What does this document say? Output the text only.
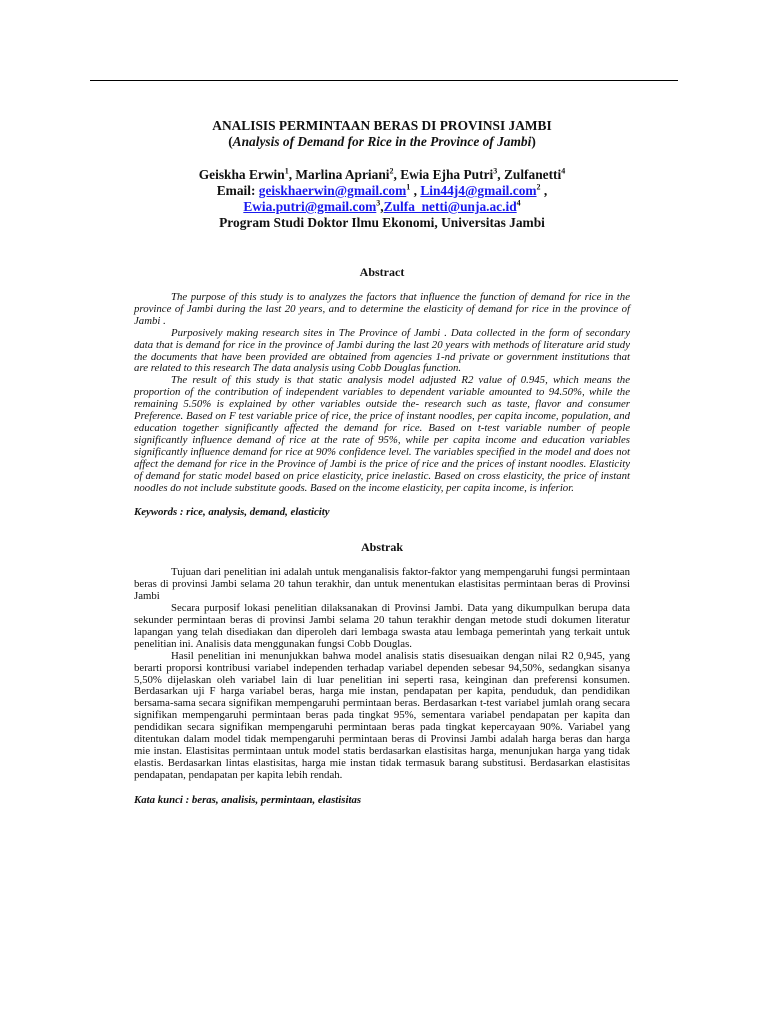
ANALISIS PERMINTAAN BERAS DI PROVINSI JAMBI
(Analysis of Demand for Rice in the Province of Jambi)
Geiskha Erwin$^1$, Marlina Apriani$^2$, Ewia Ejha Putri$^3$, Zulfanetti$^4$
Email: geiskhaerwin@gmail.com$^1$ , Lin44j4@gmail.com$^2$ ,
$Ewia.putri@gmail.com^3,Zulfa\_netti@unja.ac.id^4$
Program Studi Doktor Ilmu Ekonomi, Universitas Jambi
Abstract

The purpose of this study is to analyzes the factors that influence the function of demand for rice in the province of Jambi during the last 20 years, and to determine the elasticity of demand for rice in the province of Jambi .

Purposively making research sites in The Province of Jambi . Data collected in the form of secondary data that is demand for rice in the province of Jambi during the last 20 years with methods of literature arid study the documents that have been provided are obtained from agencies 1-nd private or government institutions that are related to this research The data analysis using Cobb Douglas function.

The result of this study is that static analysis model adjusted R2 value of 0.945, which means the proportion of the contribution of independent variables to dependent variable amounted to 94.50%, while the remaining 5.50% is explained by other variables outside the- research such as taste, flavor and consumer Preference. Based on F test variable price of rice, the price of instant noodles, per capita income, population, and education together significantly affected the demand for rice. Based on t-test variable number of people significantly influence demand of rice at the rate of 95%, while per capita income and education variables significantly influence demand for rice at 90% confidence level. The variables specified in the model and does not affect the demand for rice in the Province of Jambi is the price of rice and the prices of instant noodles. Elasticity of demand for static model based on price elasticity, price inelastic. Based on cross elasticity, the price of instant noodles do not include substitute goods. Based on the income elasticity, per capita income, is inferior.

Keywords : rice, analysis, demand, elasticity
Abstrak

Tujuan dari penelitian ini adalah untuk menganalisis faktor-faktor yang mempengaruhi fungsi permintaan beras di provinsi Jambi selama 20 tahun terakhir, dan untuk menentukan elastisitas permintaan beras di Provinsi Jambi

Secara purposif lokasi penelitian dilaksanakan di Provinsi Jambi. Data yang dikumpulkan berupa data sekunder permintaan beras di provinsi Jambi selama 20 tahun terakhir dengan metode studi dokumen literatur lapangan yang telah disediakan dan diperoleh dari lembaga swasta atau lembaga pemerintah yang terkait untuk penelitian ini. Analisis data menggunakan fungsi Cobb Douglas.

Hasil penelitian ini menunjukkan bahwa model analisis statis disesuaikan dengan nilai R2 0,945, yang berarti proporsi kontribusi variabel independen terhadap variabel dependen sebesar 94,50%, sedangkan sisanya 5,50% dijelaskan oleh variabel lain di luar penelitian ini seperti rasa, keinginan dan preferensi konsumen. Berdasarkan uji F harga variabel beras, harga mie instan, pendapatan per kapita, penduduk, dan pendidikan bersama-sama secara signifikan mempengaruhi permintaan beras. Berdasarkan t-test variabel jumlah orang secara signifikan mempengaruhi permintaan beras pada tingkat 95%, sementara variabel pendapatan per kapita dan pendidikan secara signifikan mempengaruhi permintaan beras pada tingkat kepercayaan 90%. Variabel yang ditentukan dalam model tidak mempengaruhi permintaan beras di Provinsi Jambi adalah harga beras dan harga mie instan. Elastisitas permintaan untuk model statis berdasarkan elastisitas harga, menunjukan harga yang tidak elastis. Berdasarkan lintas elastisitas, harga mie instan tidak termasuk barang substitusi. Berdasarkan elastisitas pendapatan, pendapatan per kapita lebih rendah.

Kata kunci : beras, analisis, permintaan, elastisitas
